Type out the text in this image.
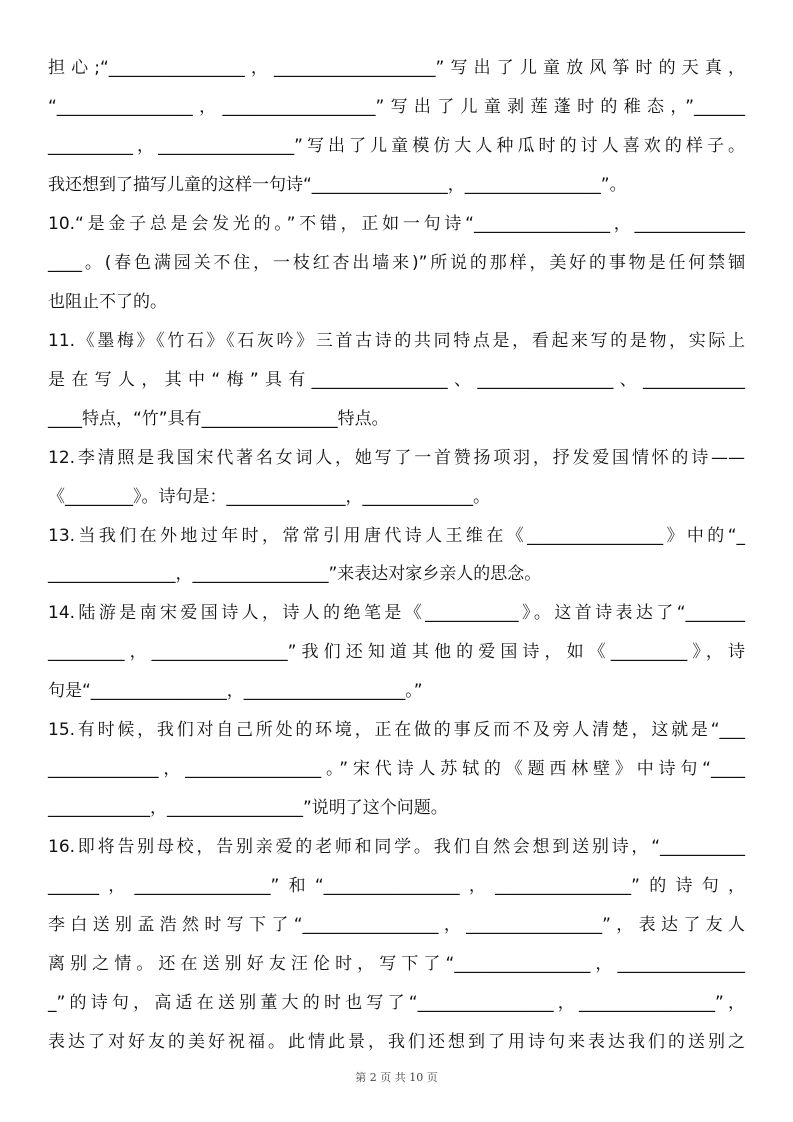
担心;“________________，___________________”写出了儿童放风筝时的天真，
“________________，__________________”写出了儿童剥莲蓬时的稚态，”______
__________，________________”写出了儿童模仿大人种瓜时的讨人喜欢的样子。
我还想到了描写儿童的这样一句诗“________________，________________”。
10.“是金子总是会发光的。”不错，正如一句诗“________________，_____________
____。(春色满园关不住，一枝红杏出墙来)”所说的那样，美好的事物是任何禁锢
也阻止不了的。
11.《墨梅》《竹石》《石灰吟》三首古诗的共同特点是，看起来写的是物，实际上
是在写人，其中“梅”具有________________、________________、____________
____特点，“竹”具有________________特点。
12.李清照是我国宋代著名女词人，她写了一首赞扬项羽，抒发爱国情怀的诗——
《________》。诗句是：______________，_____________。
13.当我们在外地过年时，常常引用唐代诗人王维在《________________》中的“_
_______________，________________”来表达对家乡亲人的思念。
14.陆游是南宋爱国诗人，诗人的绝笔是《___________》。这首诗表达了“_______
_________，________________”我们还知道其他的爱国诗，如《_________》，诗
句是“________________，___________________。”
15.有时候，我们对自己所处的环境，正在做的事反而不及旁人清楚，这就是“___
_____________，________________。”宋代诗人苏轼的《题西林壁》中诗句“____
____________，________________”说明了这个问题。
16.即将告别母校，告别亲爱的老师和同学。我们自然会想到送别诗，“__________
______，________________”和“________________，________________”的诗句，
李白送别孟浩然时写下了“________________，________________”，表达了友人
离别之情。还在送别好友汪伦时，写下了“________________，_______________
_”的诗句，高适在送别董大的时也写了“________________，________________”，
表达了对好友的美好祝福。此情此景，我们还想到了用诗句来表达我们的送别之
第 2 页 共 10 页
